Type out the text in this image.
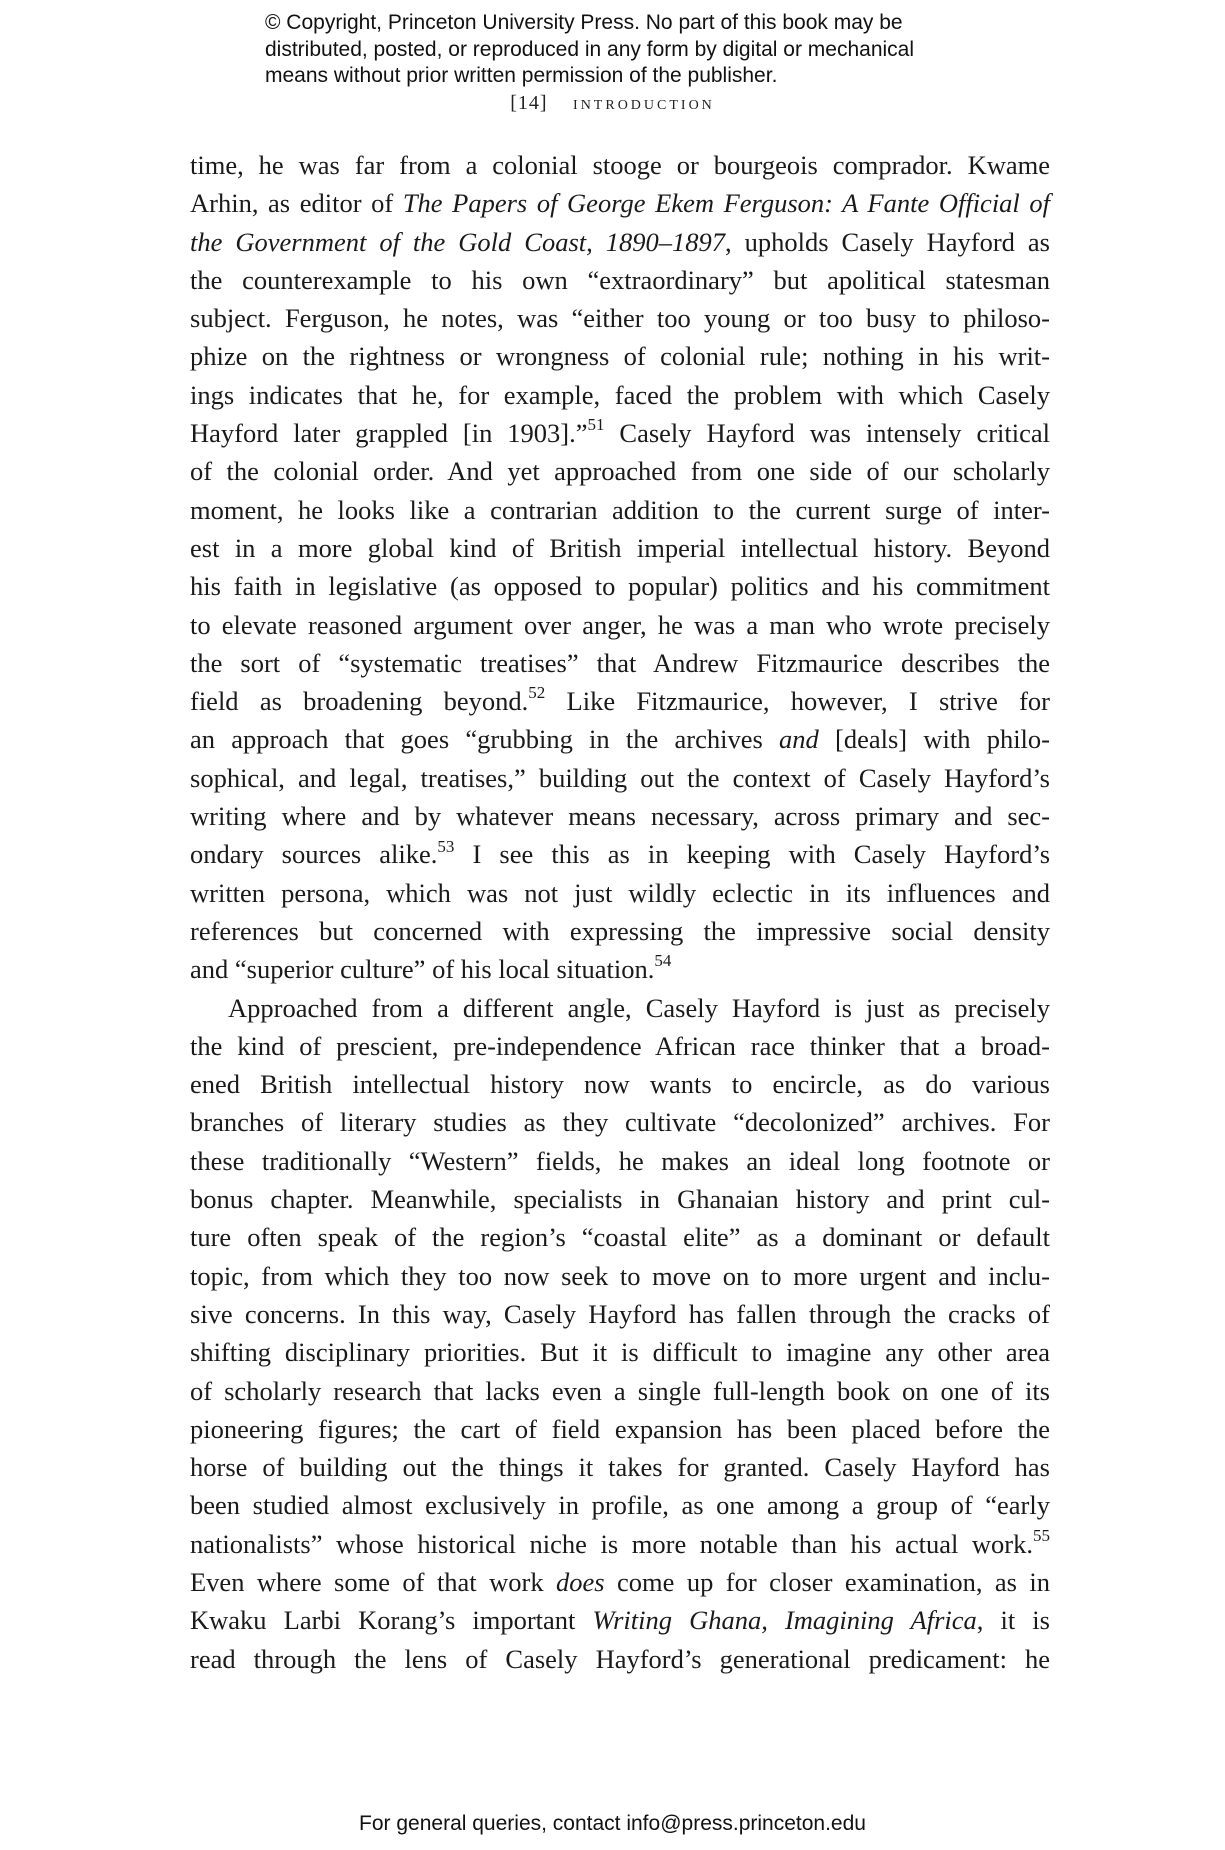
© Copyright, Princeton University Press. No part of this book may be
distributed, posted, or reproduced in any form by digital or mechanical
means without prior written permission of the publisher.
[14] introduction
time, he was far from a colonial stooge or bourgeois comprador. Kwame
Arhin, as editor of The Papers of George Ekem Ferguson: A Fante Official of
the Government of the Gold Coast, 1890–1897, upholds Casely Hayford as
the counterexample to his own “extraordinary” but apolitical statesman
subject. Ferguson, he notes, was “either too young or too busy to philoso-
phize on the rightness or wrongness of colonial rule; nothing in his writ-
ings indicates that he, for example, faced the problem with which Casely
Hayford later grappled [in 1903].”$^{51}$ Casely Hayford was intensely critical
of the colonial order. And yet approached from one side of our scholarly
moment, he looks like a contrarian addition to the current surge of inter-
est in a more global kind of British imperial intellectual history. Beyond
his faith in legislative (as opposed to popular) politics and his commitment
to elevate reasoned argument over anger, he was a man who wrote precisely
the sort of “systematic treatises” that Andrew Fitzmaurice describes the
field as broadening beyond.$^{52}$ Like Fitzmaurice, however, I strive for
an approach that goes “grubbing in the archives and [deals] with philo-
sophical, and legal, treatises,” building out the context of Casely Hayford’s
writing where and by whatever means necessary, across primary and sec-
ondary sources alike.$^{53}$ I see this as in keeping with Casely Hayford’s
written persona, which was not just wildly eclectic in its influences and
references but concerned with expressing the impressive social density
and “superior culture” of his local situation.$^{54}$
Approached from a different angle, Casely Hayford is just as precisely
the kind of prescient, pre-independence African race thinker that a broad-
ened British intellectual history now wants to encircle, as do various
branches of literary studies as they cultivate “decolonized” archives. For
these traditionally “Western” fields, he makes an ideal long footnote or
bonus chapter. Meanwhile, specialists in Ghanaian history and print cul-
ture often speak of the region’s “coastal elite” as a dominant or default
topic, from which they too now seek to move on to more urgent and inclu-
sive concerns. In this way, Casely Hayford has fallen through the cracks of
shifting disciplinary priorities. But it is difficult to imagine any other area
of scholarly research that lacks even a single full-length book on one of its
pioneering figures; the cart of field expansion has been placed before the
horse of building out the things it takes for granted. Casely Hayford has
been studied almost exclusively in profile, as one among a group of “early
nationalists” whose historical niche is more notable than his actual work.$^{55}$
Even where some of that work does come up for closer examination, as in
Kwaku Larbi Korang’s important Writing Ghana, Imagining Africa, it is
read through the lens of Casely Hayford’s generational predicament: he
For general queries, contact info@press.princeton.edu
